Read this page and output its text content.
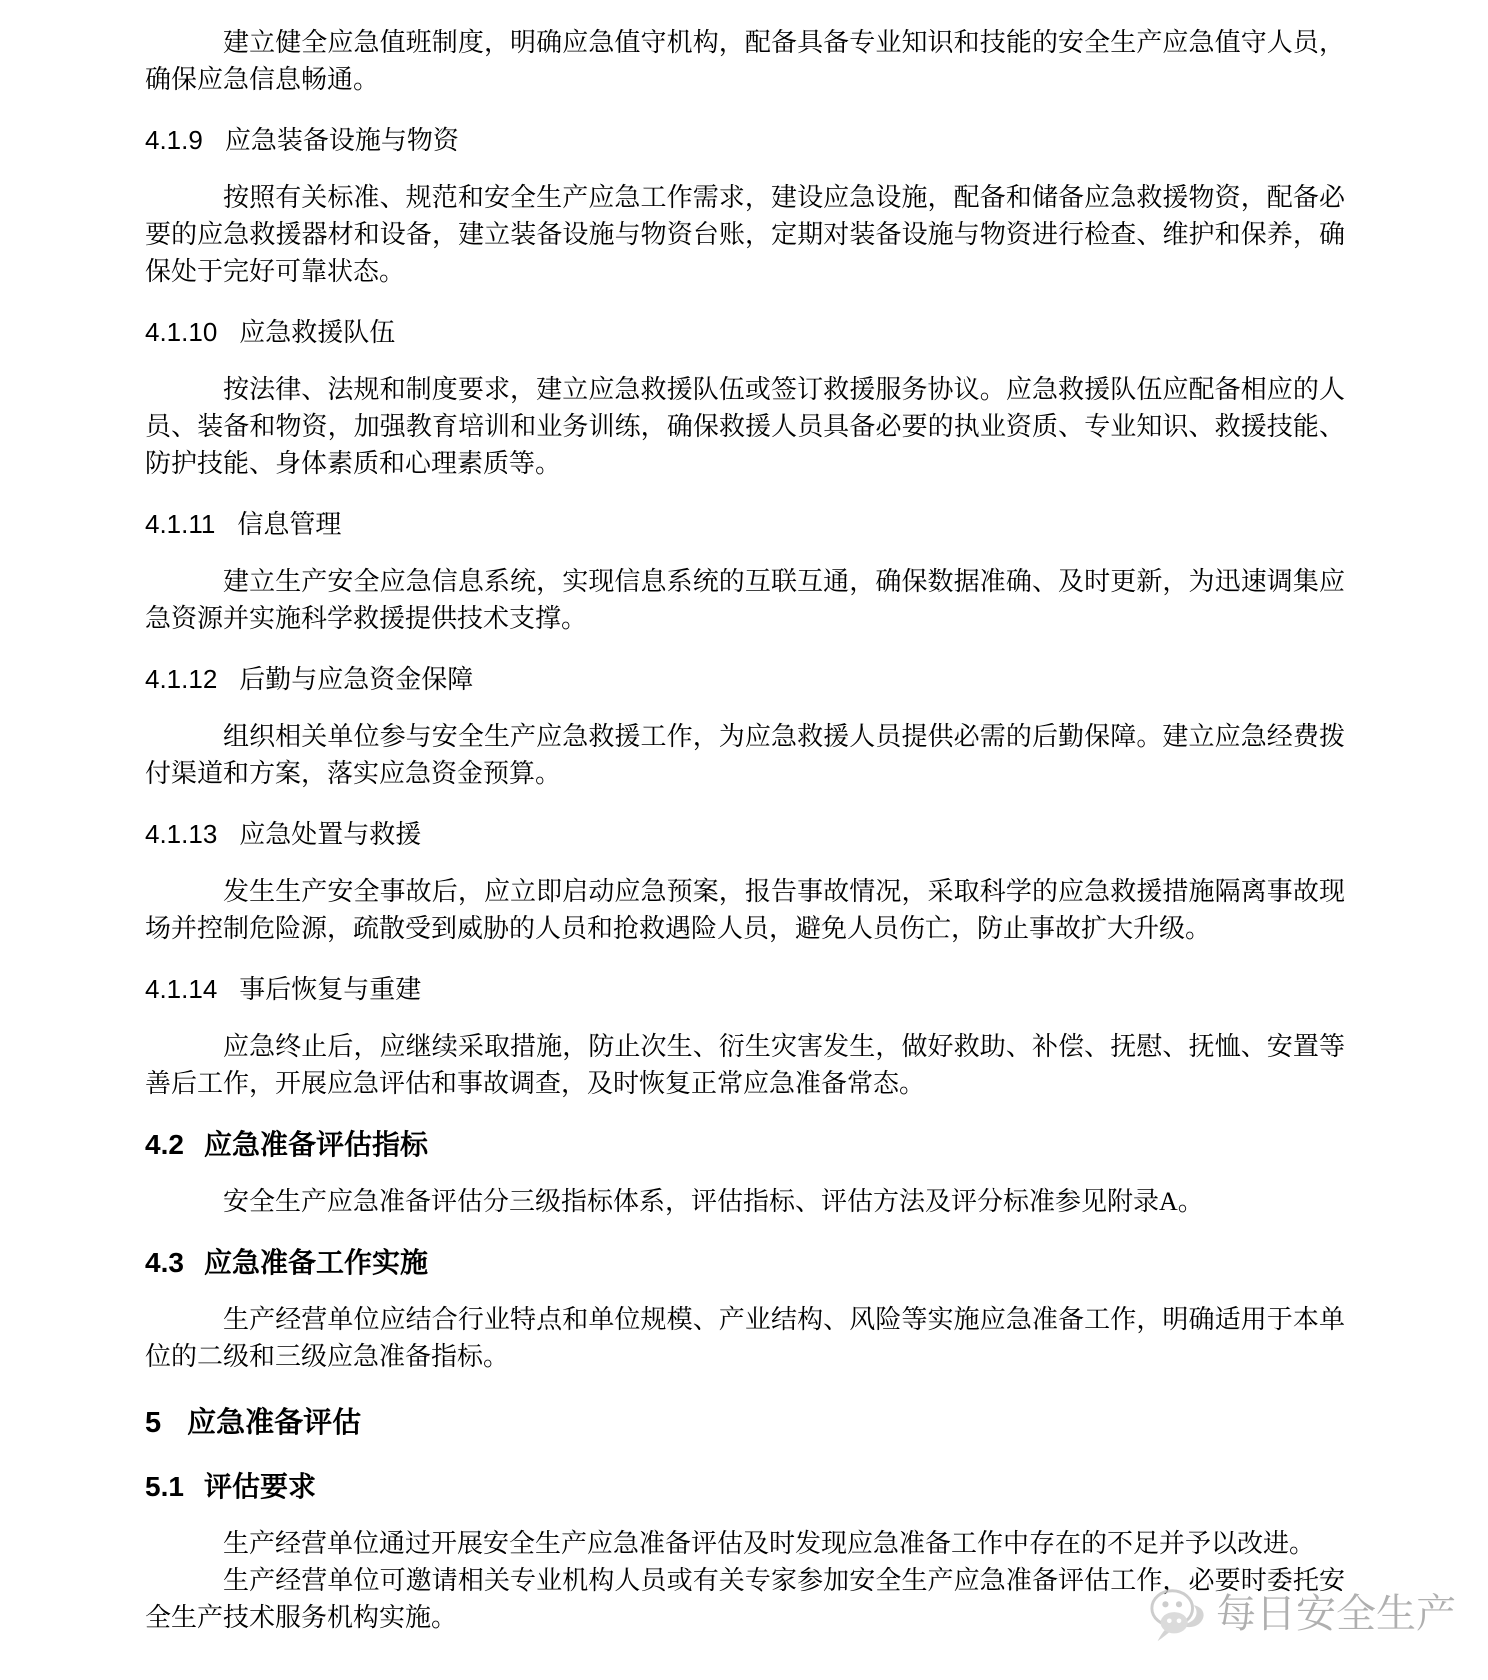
建立健全应急值班制度，明确应急值守机构，配备具备专业知识和技能的安全生产应急值守人员，确保应急信息畅通。

4.1.9 应急装备设施与物资

按照有关标准、规范和安全生产应急工作需求，建设应急设施，配备和储备应急救援物资，配备必要的应急救援器材和设备，建立装备设施与物资台账，定期对装备设施与物资进行检查、维护和保养，确保处于完好可靠状态。

4.1.10 应急救援队伍

按法律、法规和制度要求，建立应急救援队伍或签订救援服务协议。应急救援队伍应配备相应的人员、装备和物资，加强教育培训和业务训练，确保救援人员具备必要的执业资质、专业知识、救援技能、防护技能、身体素质和心理素质等。

4.1.11 信息管理

建立生产安全应急信息系统，实现信息系统的互联互通，确保数据准确、及时更新，为迅速调集应急资源并实施科学救援提供技术支撑。

4.1.12 后勤与应急资金保障

组织相关单位参与安全生产应急救援工作，为应急救援人员提供必需的后勤保障。建立应急经费拨付渠道和方案，落实应急资金预算。

4.1.13 应急处置与救援

发生生产安全事故后，应立即启动应急预案，报告事故情况，采取科学的应急救援措施隔离事故现场并控制危险源，疏散受到威胁的人员和抢救遇险人员，避免人员伤亡，防止事故扩大升级。

4.1.14 事后恢复与重建

应急终止后，应继续采取措施，防止次生、衍生灾害发生，做好救助、补偿、抚慰、抚恤、安置等善后工作，开展应急评估和事故调查，及时恢复正常应急准备常态。

4.2 应急准备评估指标

安全生产应急准备评估分三级指标体系，评估指标、评估方法及评分标准参见附录A。

4.3 应急准备工作实施

生产经营单位应结合行业特点和单位规模、产业结构、风险等实施应急准备工作，明确适用于本单位的二级和三级应急准备指标。

5 应急准备评估
5.1 评估要求

生产经营单位通过开展安全生产应急准备评估及时发现应急准备工作中存在的不足并予以改进。

生产经营单位可邀请相关专业机构人员或有关专家参加安全生产应急准备评估工作，必要时委托安全生产技术服务机构实施。	每日安全生产
